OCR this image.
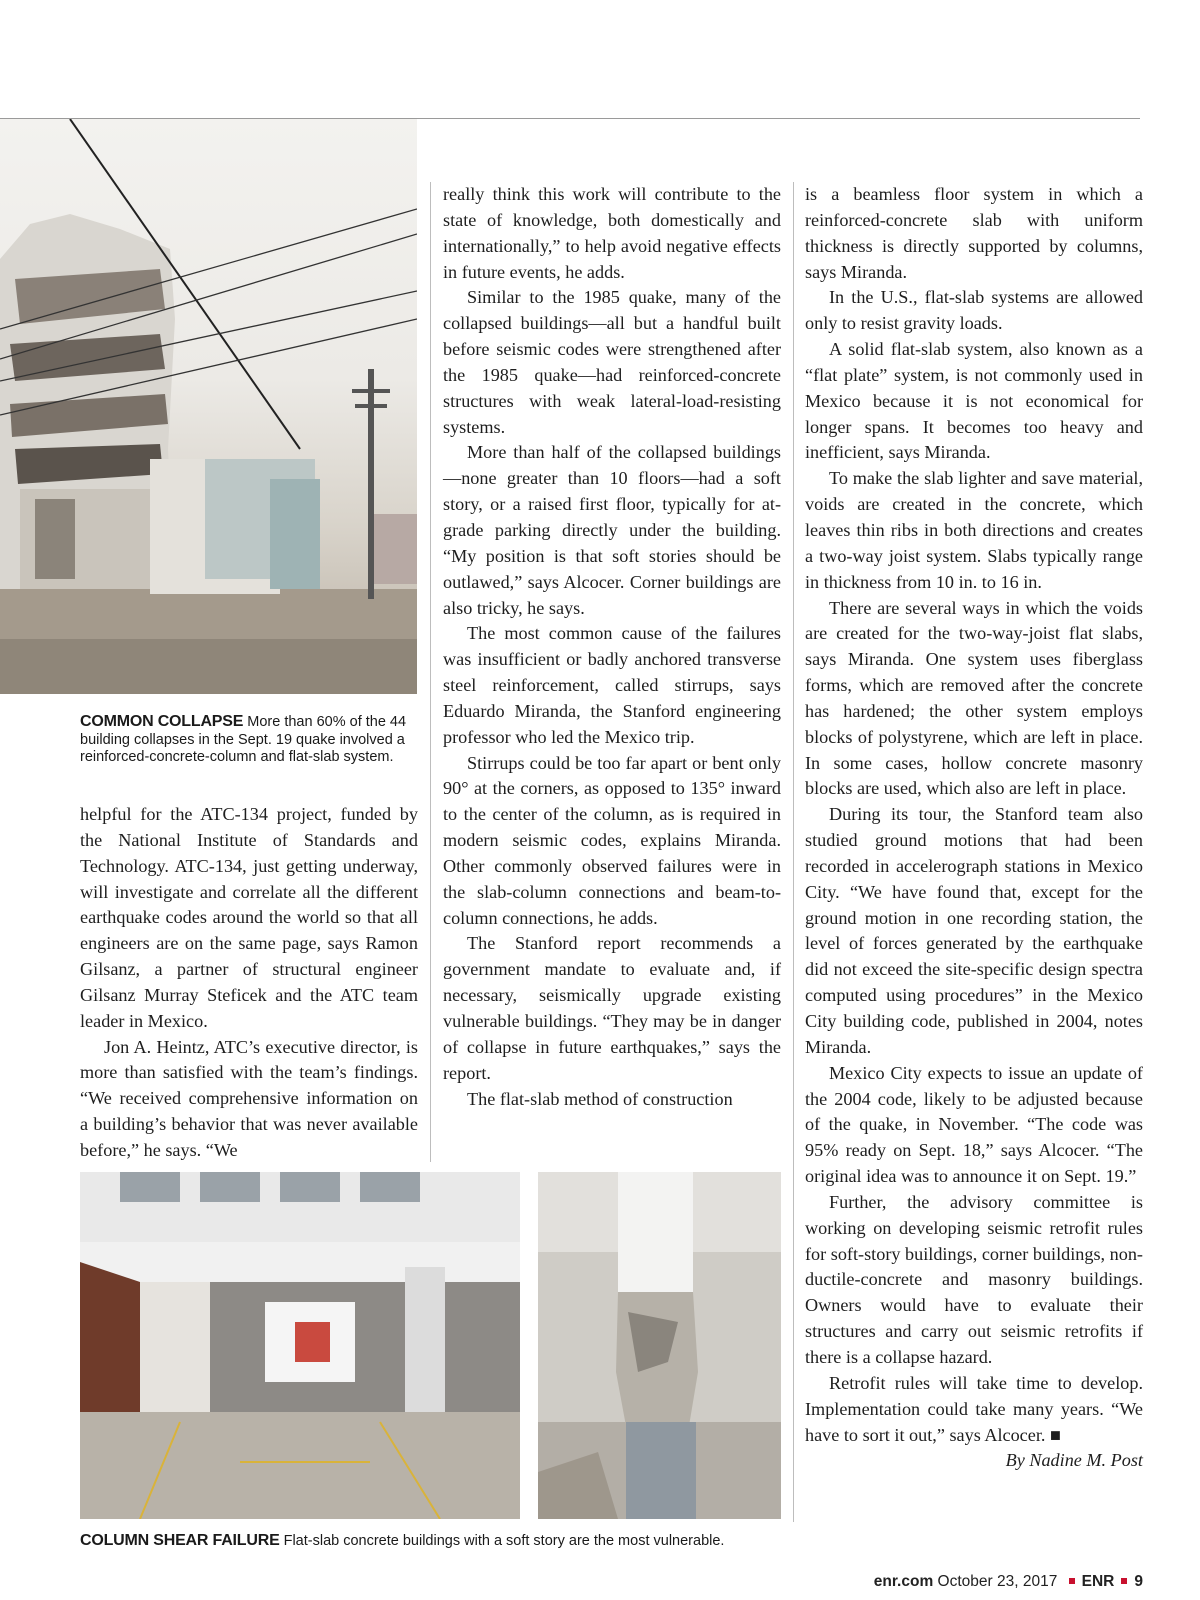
COMMON COLLAPSE More than 60% of the 44 building collapses in the Sept. 19 quake involved a reinforced-concrete-column and flat-slab system.

helpful for the ATC-134 project, funded by the National Institute of Standards and Technology. ATC-134, just getting underway, will investigate and correlate all the different earthquake codes around the world so that all engineers are on the same page, says Ramon Gilsanz, a partner of structural engineer Gilsanz Murray Steficek and the ATC team leader in Mexico.

Jon A. Heintz, ATC’s executive director, is more than satisfied with the team’s findings. “We received comprehensive information on a building’s behavior that was never available before,” he says. “We

really think this work will contribute to the state of knowledge, both domestically and internationally,” to help avoid negative effects in future events, he adds.

Similar to the 1985 quake, many of the collapsed buildings—all but a handful built before seismic codes were strengthened after the 1985 quake—had reinforced-concrete structures with weak lateral-load-resisting systems.

More than half of the collapsed buildings—none greater than 10 floors—had a soft story, or a raised first floor, typically for at-grade parking directly under the building. “My position is that soft stories should be outlawed,” says Alcocer. Corner buildings are also tricky, he says.

The most common cause of the failures was insufficient or badly anchored transverse steel reinforcement, called stirrups, says Eduardo Miranda, the Stanford engineering professor who led the Mexico trip.

Stirrups could be too far apart or bent only 90° at the corners, as opposed to 135° inward to the center of the column, as is required in modern seismic codes, explains Miranda. Other commonly observed failures were in the slab-column connections and beam-to-column connections, he adds.

The Stanford report recommends a government mandate to evaluate and, if necessary, seismically upgrade existing vulnerable buildings. “They may be in danger of collapse in future earthquakes,” says the report.

The flat-slab method of construction

is a beamless floor system in which a reinforced-concrete slab with uniform thickness is directly supported by columns, says Miranda.

In the U.S., flat-slab systems are allowed only to resist gravity loads.

A solid flat-slab system, also known as a “flat plate” system, is not commonly used in Mexico because it is not economical for longer spans. It becomes too heavy and inefficient, says Miranda.

To make the slab lighter and save material, voids are created in the concrete, which leaves thin ribs in both directions and creates a two-way joist system. Slabs typically range in thickness from 10 in. to 16 in.

There are several ways in which the voids are created for the two-way-joist flat slabs, says Miranda. One system uses fiberglass forms, which are removed after the concrete has hardened; the other system employs blocks of polystyrene, which are left in place. In some cases, hollow concrete masonry blocks are used, which also are left in place.

During its tour, the Stanford team also studied ground motions that had been recorded in accelerograph stations in Mexico City. “We have found that, except for the ground motion in one recording station, the level of forces generated by the earthquake did not exceed the site-specific design spectra computed using procedures” in the Mexico City building code, published in 2004, notes Miranda.

Mexico City expects to issue an update of the 2004 code, likely to be adjusted because of the quake, in November. “The code was 95% ready on Sept. 18,” says Alcocer. “The original idea was to announce it on Sept. 19.”

Further, the advisory committee is working on developing seismic retrofit rules for soft-story buildings, corner buildings, non-ductile-concrete and masonry buildings. Owners would have to evaluate their structures and carry out seismic retrofits if there is a collapse hazard.

Retrofit rules will take time to develop. Implementation could take many years. “We have to sort it out,” says Alcocer. ■

By Nadine M. Post

COLUMN SHEAR FAILURE Flat-slab concrete buildings with a soft story are the most vulnerable.
enr.com October 23, 2017 ENR 9
